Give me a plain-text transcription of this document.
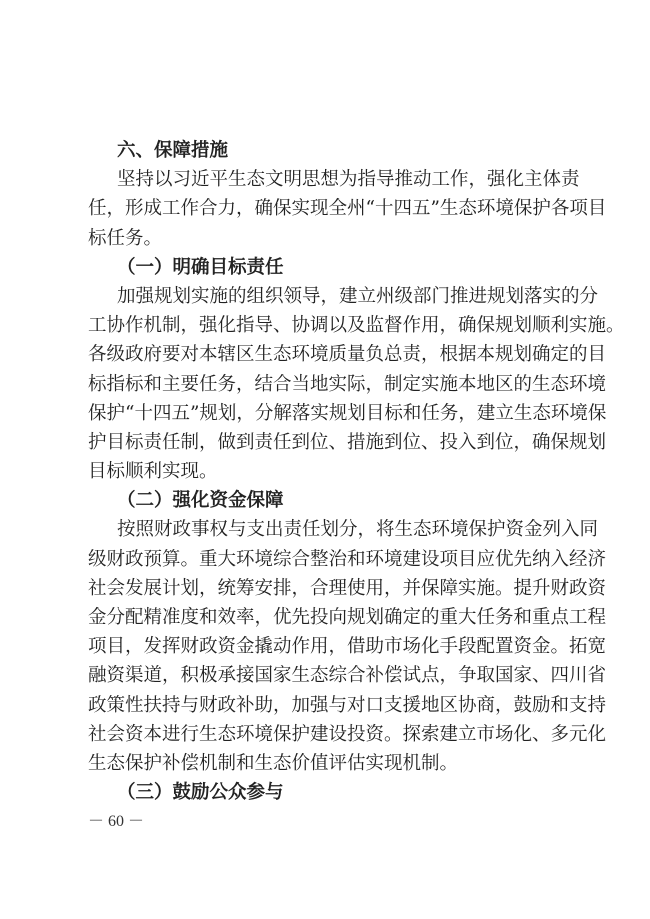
六、保障措施
坚持以习近平生态文明思想为指导推动工作，强化主体责
任，形成工作合力，确保实现全州“十四五”生态环境保护各项目
标任务。
（一）明确目标责任
加强规划实施的组织领导，建立州级部门推进规划落实的分
工协作机制，强化指导、协调以及监督作用，确保规划顺利实施。
各级政府要对本辖区生态环境质量负总责，根据本规划确定的目
标指标和主要任务，结合当地实际，制定实施本地区的生态环境
保护“十四五”规划，分解落实规划目标和任务，建立生态环境保
护目标责任制，做到责任到位、措施到位、投入到位，确保规划
目标顺利实现。
（二）强化资金保障
按照财政事权与支出责任划分，将生态环境保护资金列入同
级财政预算。重大环境综合整治和环境建设项目应优先纳入经济
社会发展计划，统筹安排，合理使用，并保障实施。提升财政资
金分配精准度和效率，优先投向规划确定的重大任务和重点工程
项目，发挥财政资金撬动作用，借助市场化手段配置资金。拓宽
融资渠道，积极承接国家生态综合补偿试点，争取国家、四川省
政策性扶持与财政补助，加强与对口支援地区协商，鼓励和支持
社会资本进行生态环境保护建设投资。探索建立市场化、多元化
生态保护补偿机制和生态价值评估实现机制。
（三）鼓励公众参与
－ 60 －
